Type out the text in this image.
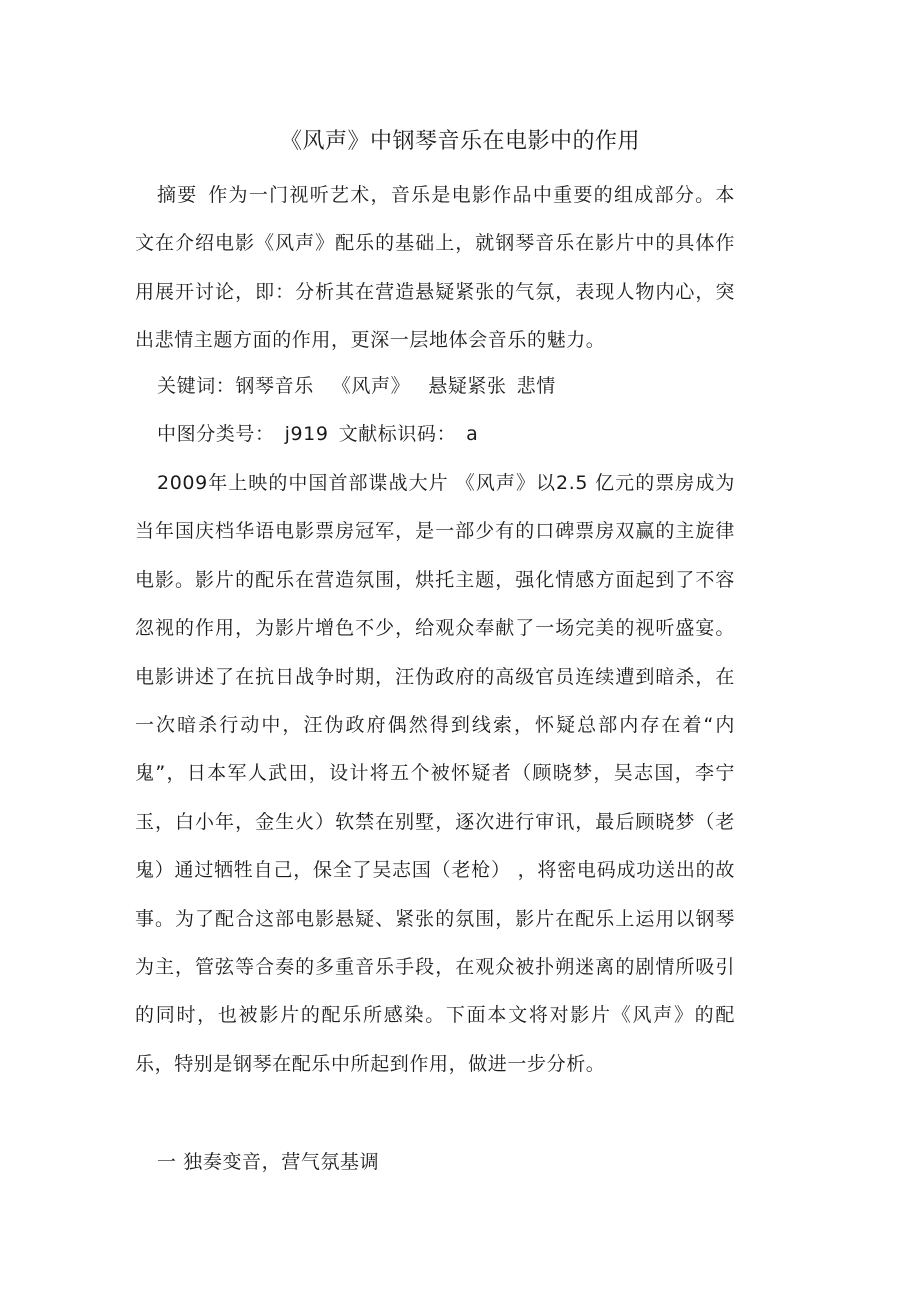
《风声》中钢琴音乐在电影中的作用

摘要 作为一门视听艺术，音乐是电影作品中重要的组成部分。本文在介绍电影《风声》配乐的基础上，就钢琴音乐在影片中的具体作用展开讨论，即：分析其在营造悬疑紧张的气氛，表现人物内心，突出悲情主题方面的作用，更深一层地体会音乐的魅力。

关键词：钢琴音乐 《风声》 悬疑紧张 悲情

中图分类号： j919 文献标识码： a

2009年上映的中国首部谍战大片 《风声》以2.5 亿元的票房成为当年国庆档华语电影票房冠军，是一部少有的口碑票房双赢的主旋律电影。影片的配乐在营造氛围，烘托主题，强化情感方面起到了不容忽视的作用，为影片增色不少，给观众奉献了一场完美的视听盛宴。电影讲述了在抗日战争时期，汪伪政府的高级官员连续遭到暗杀，在一次暗杀行动中，汪伪政府偶然得到线索，怀疑总部内存在着“内鬼”，日本军人武田，设计将五个被怀疑者（顾晓梦，吴志国，李宁玉，白小年，金生火）软禁在别墅，逐次进行审讯，最后顾晓梦（老鬼）通过牺牲自己，保全了吴志国（老枪） ，将密电码成功送出的故事。为了配合这部电影悬疑、紧张的氛围，影片在配乐上运用以钢琴为主，管弦等合奏的多重音乐手段，在观众被扑朔迷离的剧情所吸引的同时，也被影片的配乐所感染。下面本文将对影片《风声》的配乐，特别是钢琴在配乐中所起到作用，做进一步分析。

一 独奏变音，营气氛基调
